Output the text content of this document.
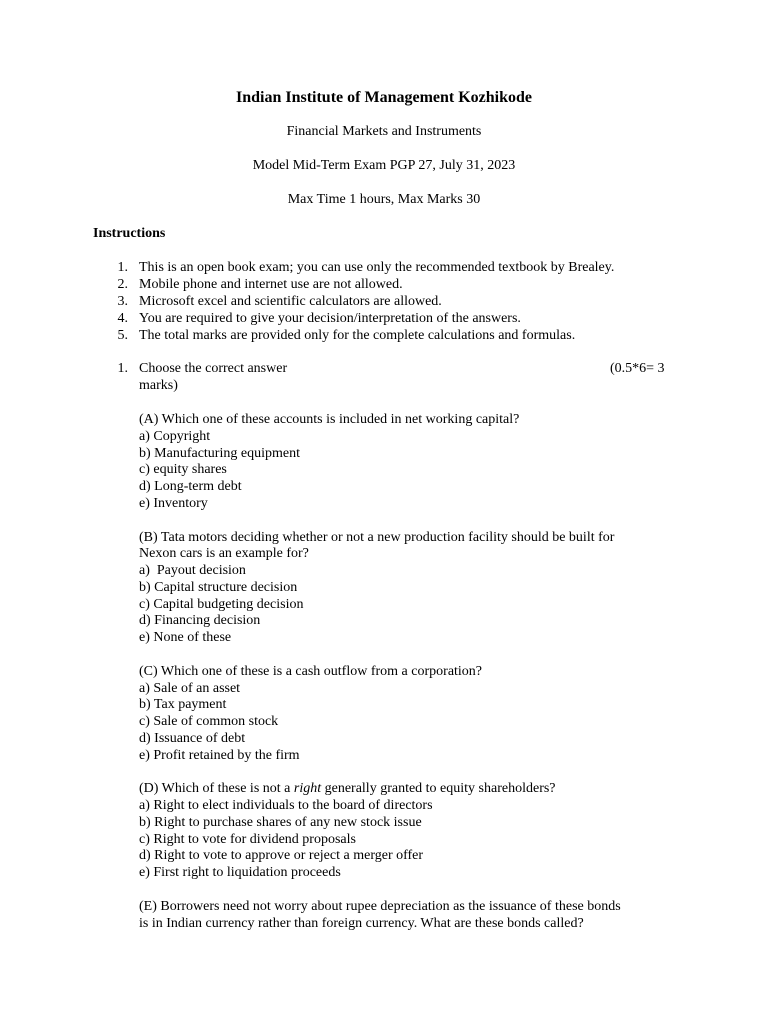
Indian Institute of Management Kozhikode
Financial Markets and Instruments
Model Mid-Term Exam PGP 27, July 31, 2023
Max Time 1 hours, Max Marks 30
Instructions
1. This is an open book exam; you can use only the recommended textbook by Brealey.
2. Mobile phone and internet use are not allowed.
3. Microsoft excel and scientific calculators are allowed.
4. You are required to give your decision/interpretation of the answers.
5. The total marks are provided only for the complete calculations and formulas.
1. Choose the correct answer	(0.5*6= 3
marks)
(A) Which one of these accounts is included in net working capital?
a) Copyright
b) Manufacturing equipment
c) equity shares
d) Long-term debt
e) Inventory
(B) Tata motors deciding whether or not a new production facility should be built for
Nexon cars is an example for?
a)  Payout decision
b) Capital structure decision
c) Capital budgeting decision
d) Financing decision
e) None of these
(C) Which one of these is a cash outflow from a corporation?
a) Sale of an asset
b) Tax payment
c) Sale of common stock
d) Issuance of debt
e) Profit retained by the firm
(D) Which of these is not a right generally granted to equity shareholders?
a) Right to elect individuals to the board of directors
b) Right to purchase shares of any new stock issue
c) Right to vote for dividend proposals
d) Right to vote to approve or reject a merger offer
e) First right to liquidation proceeds
(E) Borrowers need not worry about rupee depreciation as the issuance of these bonds
is in Indian currency rather than foreign currency. What are these bonds called?
